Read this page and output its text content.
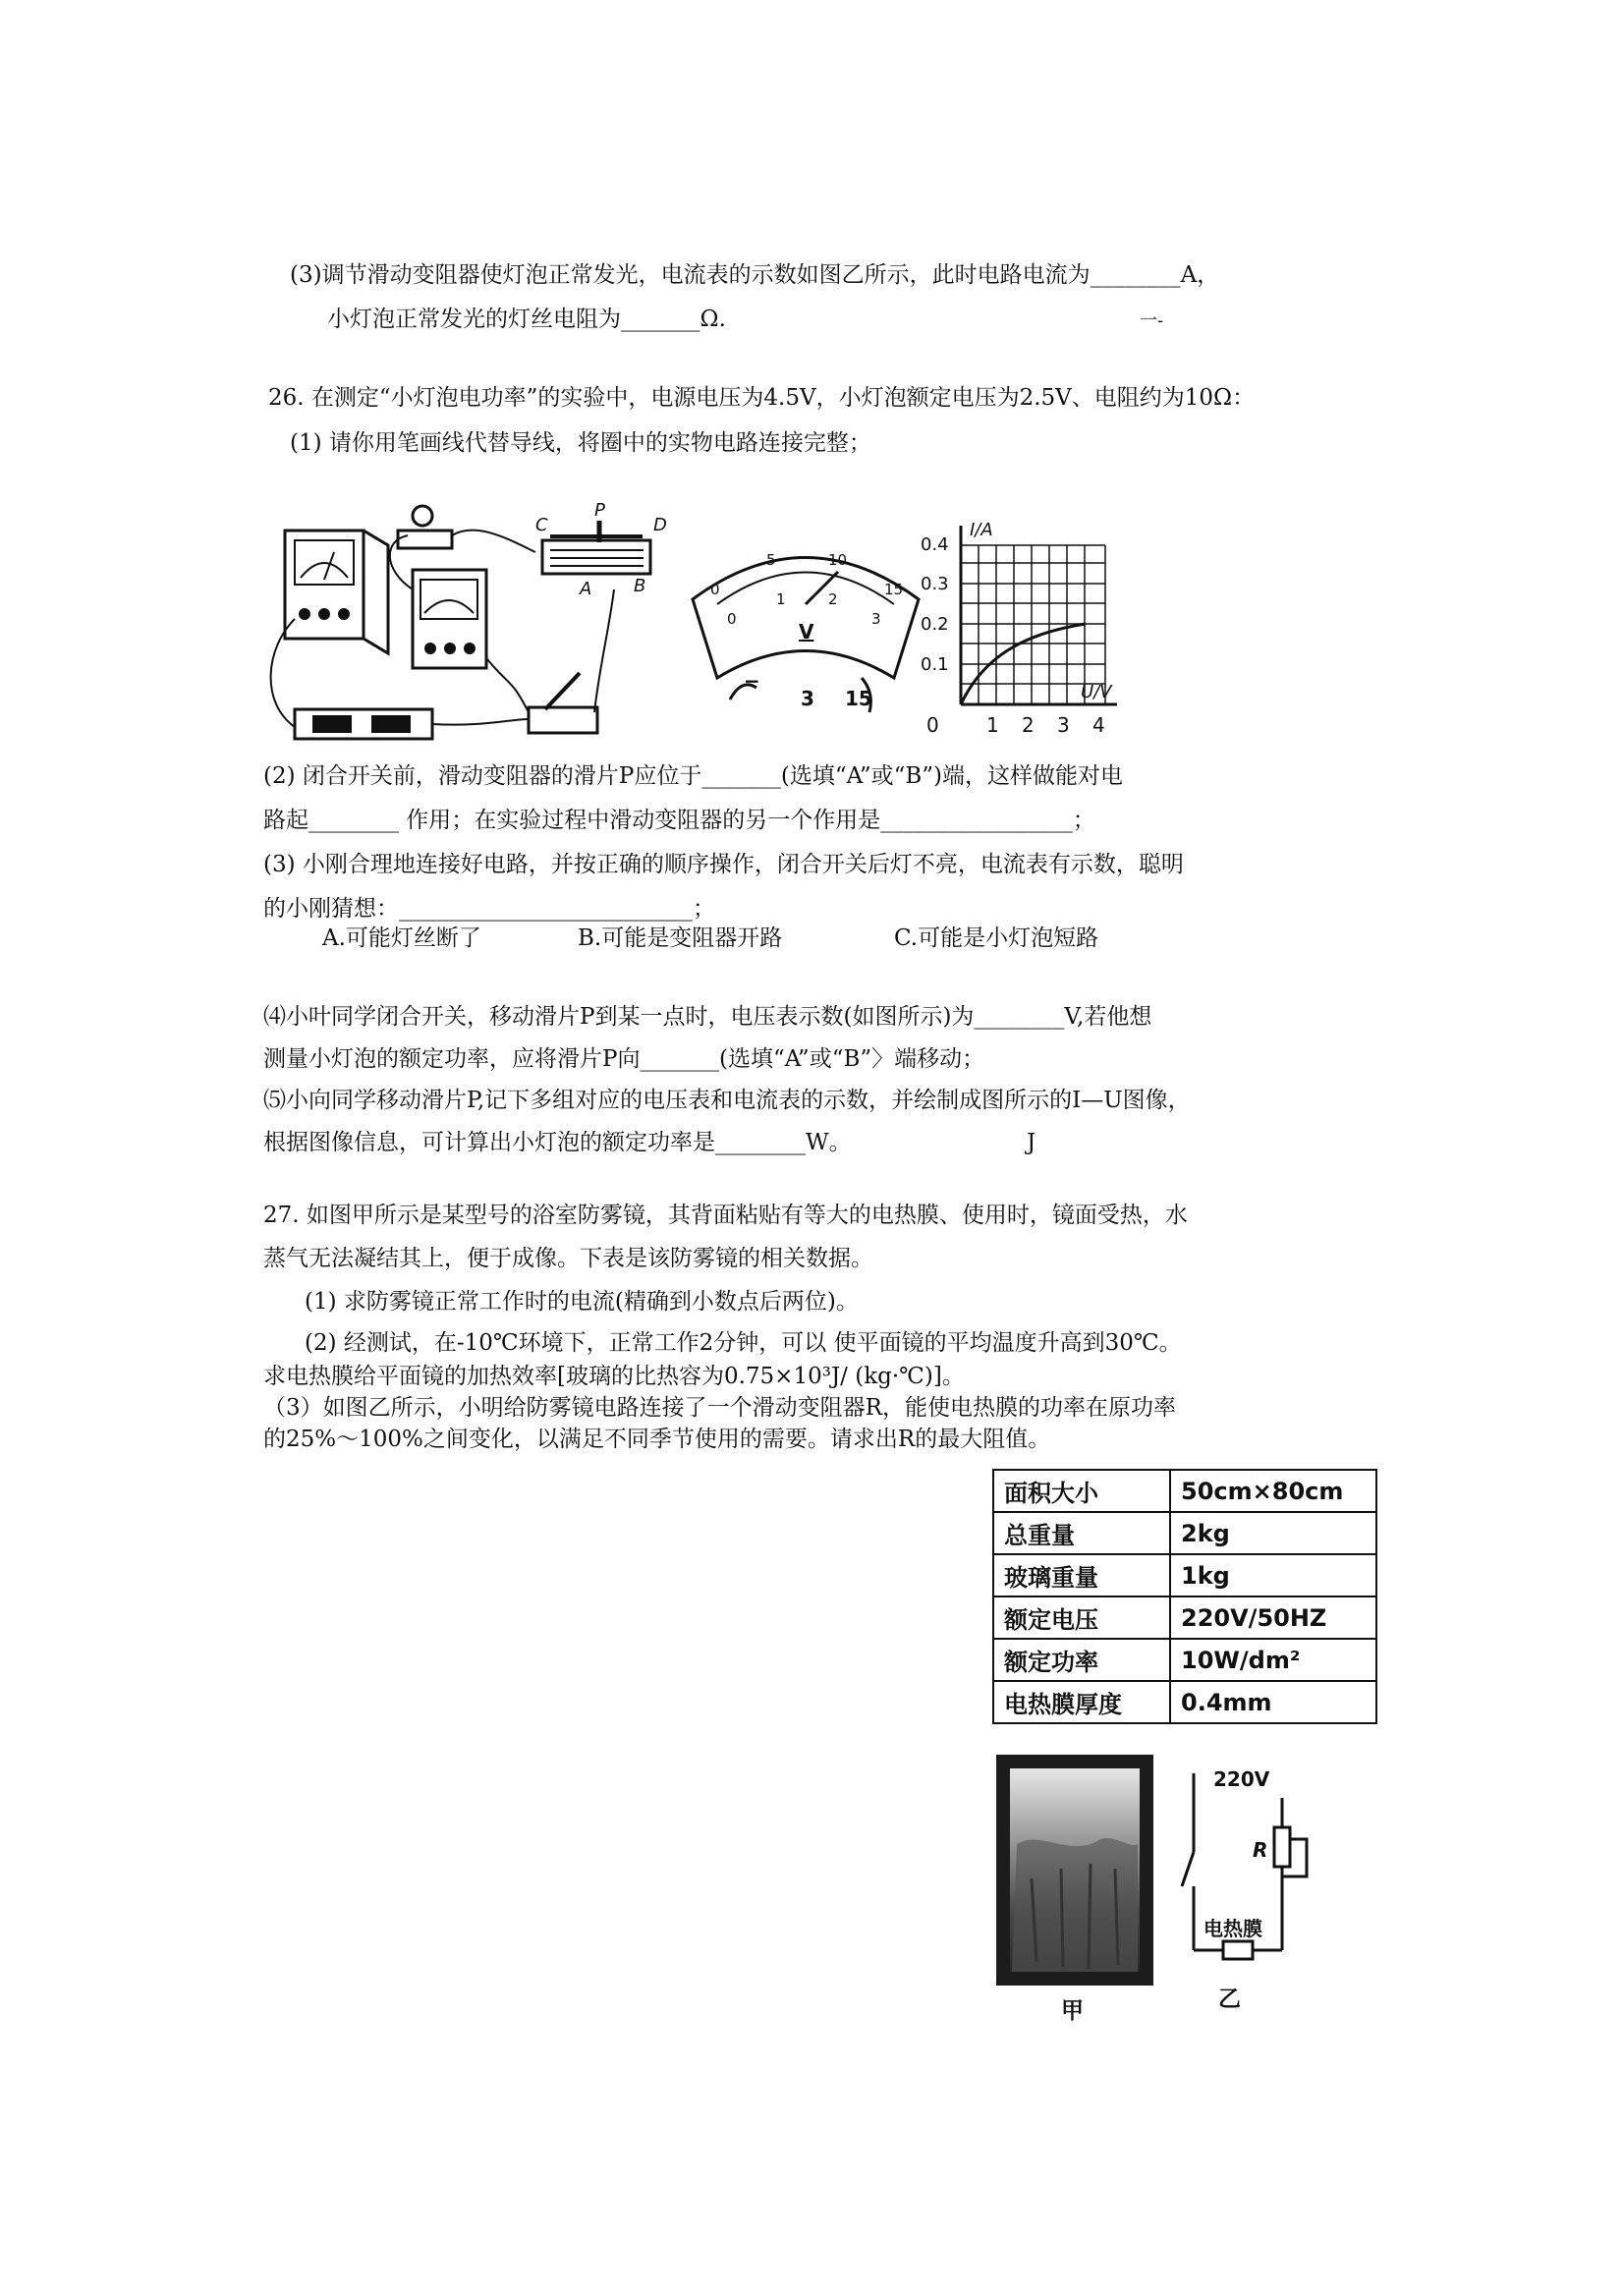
(3)调节滑动变阻器使灯泡正常发光，电流表的示数如图乙所示，此时电路电流为________A，
小灯泡正常发光的灯丝电阻为_______Ω.	一-
26. 在测定“小灯泡电功率”的实验中，电源电压为4.5V，小灯泡额定电压为2.5V、电阻约为10Ω：
(1) 请你用笔画线代替导线，将圈中的实物电路连接完整；
C
P
D
A B	0
5	10
15
0
1	2
3
V
−
3 15
I/A
U/V
0.4
0.3
0.2
0.1
0 1 2 3 4
(2) 闭合开关前，滑动变阻器的滑片P应位于_______(选填“A”或“B”)端，这样做能对电
路起________ 作用；在实验过程中滑动变阻器的另一个作用是_________________；
(3) 小刚合理地连接好电路，并按正确的顺序操作，闭合开关后灯不亮，电流表有示数，聪明
的小刚猜想：__________________________；
A.可能灯丝断了	B.可能是变阻器开路	C.可能是小灯泡短路
⑷小叶同学闭合开关，移动滑片P到某一点时，电压表示数(如图所示)为________V,若他想
测量小灯泡的额定功率，应将滑片P向_______(选填“A”或“B”〉端移动；
⑸小向同学移动滑片P,记下多组对应的电压表和电流表的示数，并绘制成图所示的I—U图像，
根据图像信息，可计算出小灯泡的额定功率是________W。	J
27. 如图甲所示是某型号的浴室防雾镜，其背面粘贴有等大的电热膜、使用时，镜面受热，水
蒸气无法凝结其上，便于成像。下表是该防雾镜的相关数据。
(1) 求防雾镜正常工作时的电流(精确到小数点后两位)。
(2) 经测试，在-10℃环境下，正常工作2分钟，可以 使平面镜的平均温度升高到30℃。
求电热膜给平面镜的加热效率[玻璃的比热容为0.75×10³J/ (kg·℃)]。
（3）如图乙所示，小明给防雾镜电路连接了一个滑动变阻器R，能使电热膜的功率在原功率
的25%～100%之间变化，以满足不同季节使用的需要。请求出R的最大阻值。
面积大小	50cm×80cm
总重量	2kg
玻璃重量	1kg
额定电压	220V/50HZ
额定功率	10W/dm²
电热膜厚度	0.4mm
甲
220V
R
电热膜
乙
